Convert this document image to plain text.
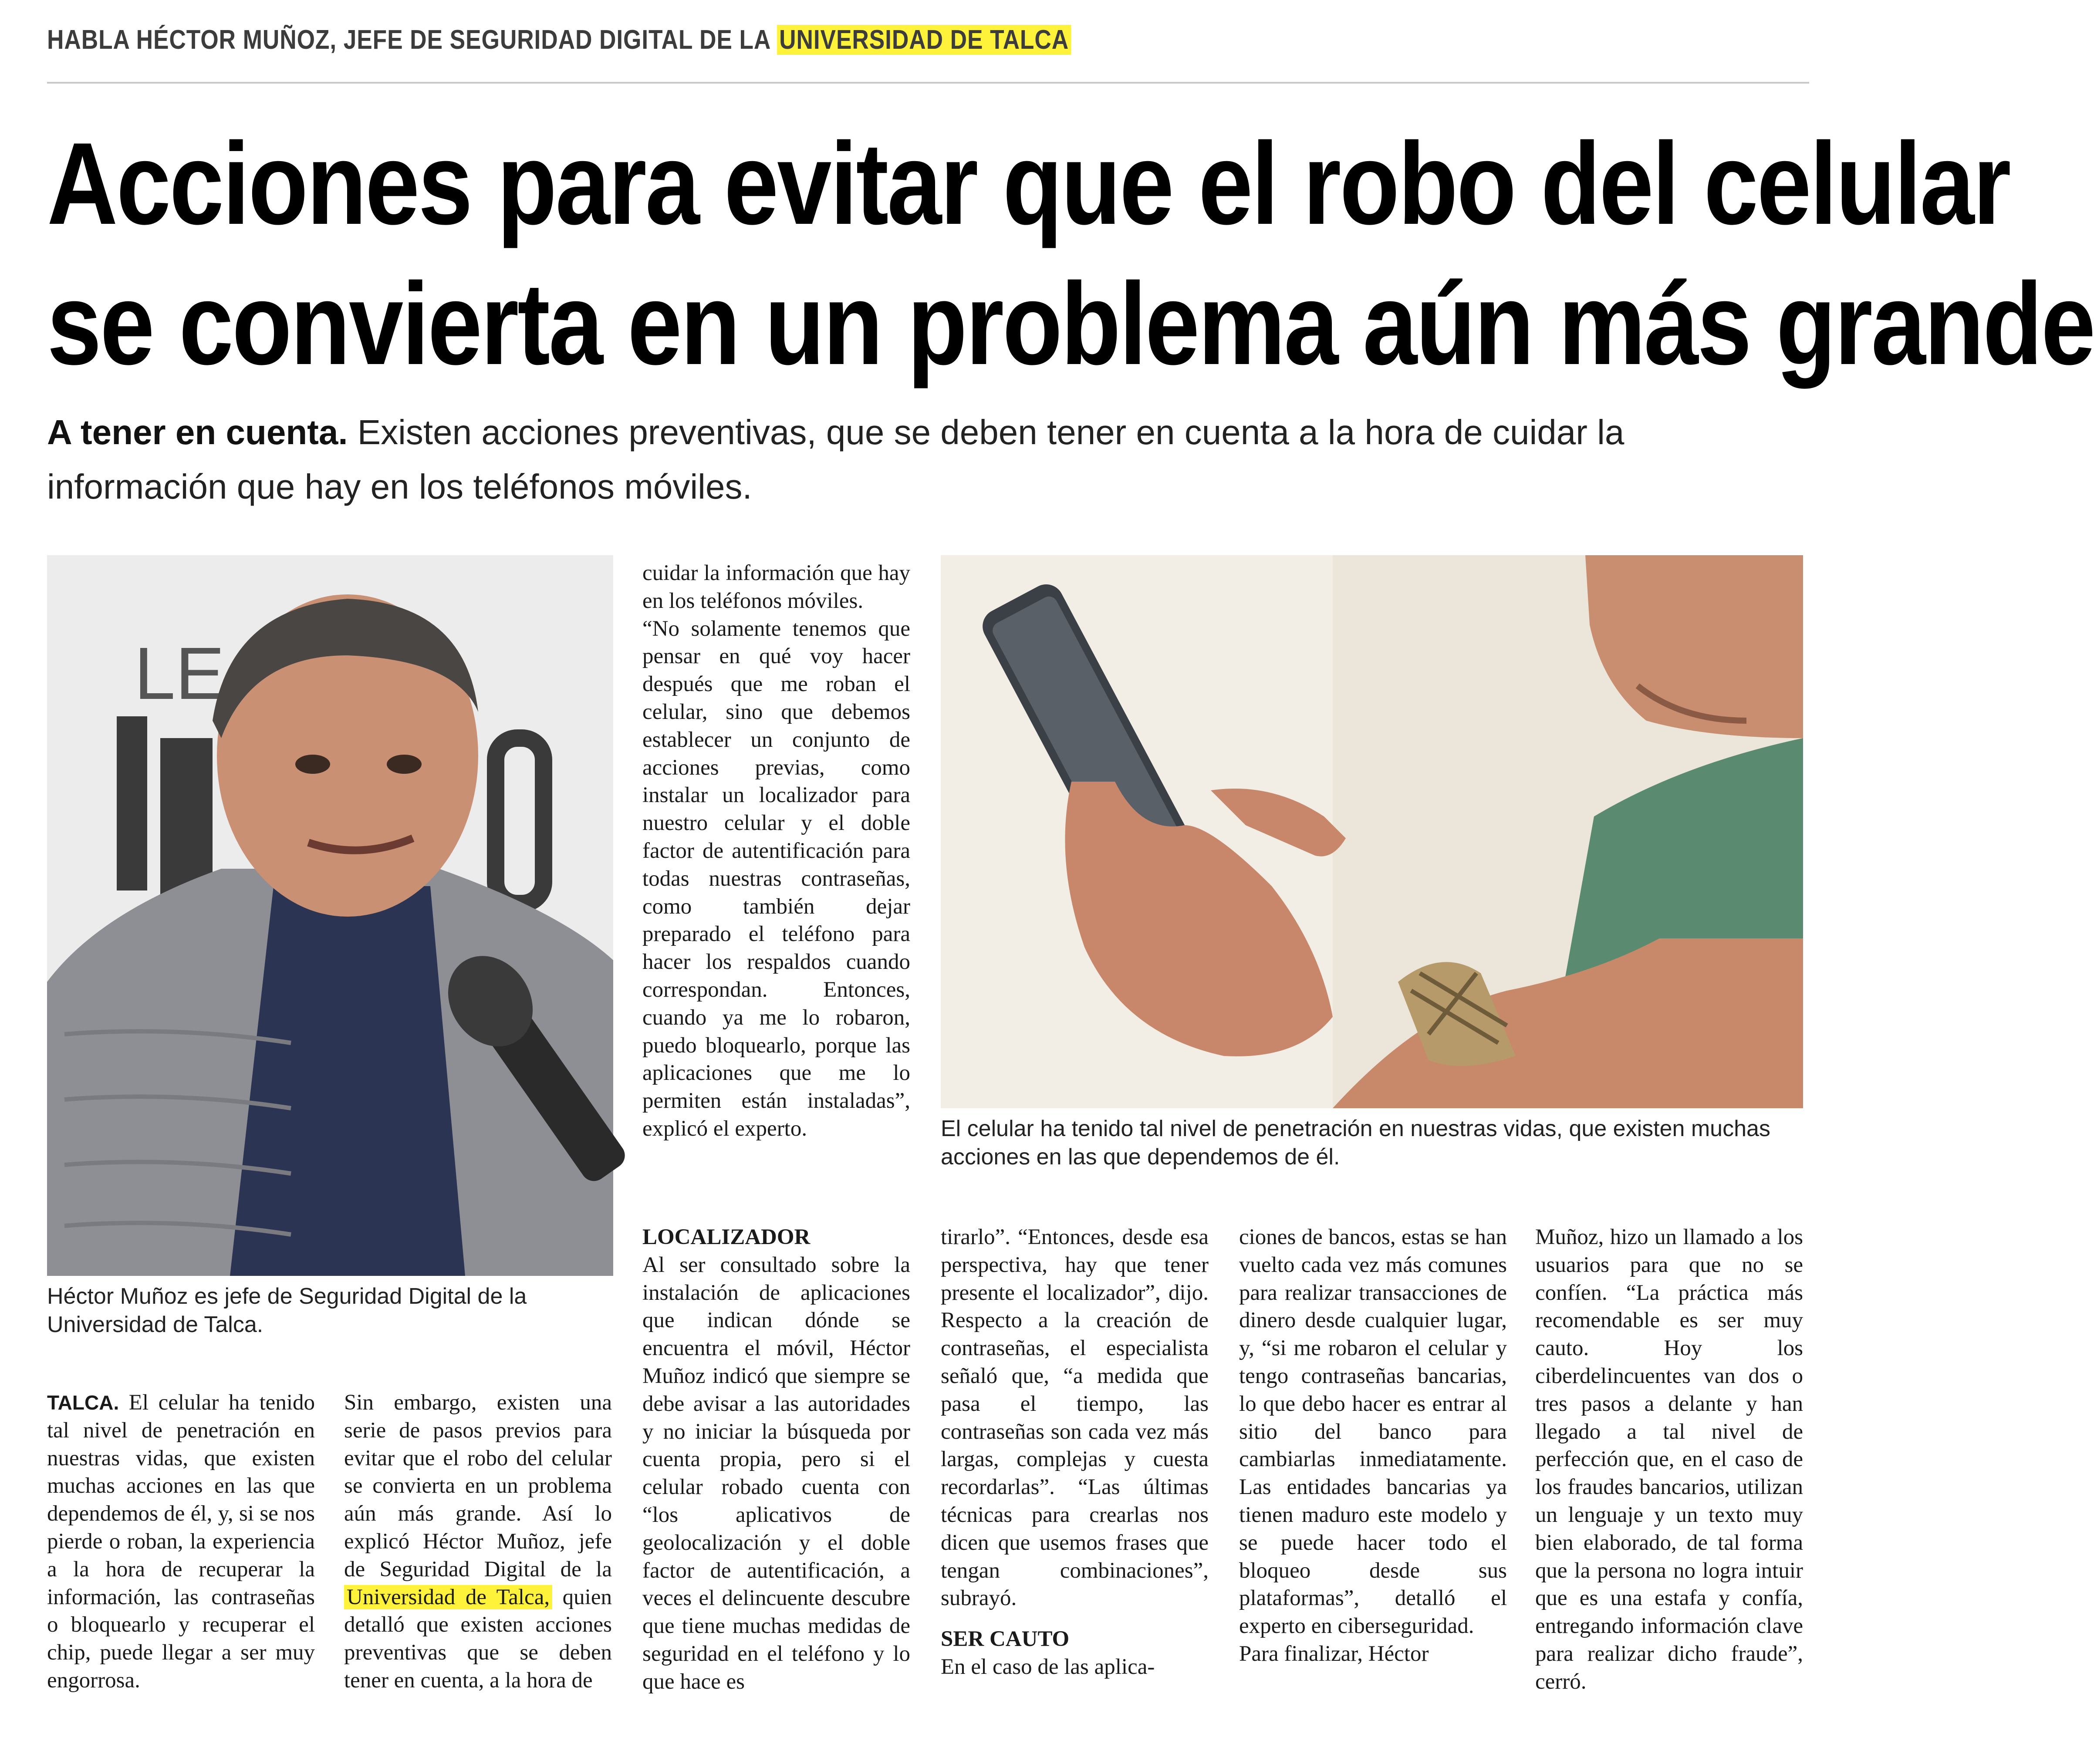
HABLA HÉCTOR MUÑOZ, JEFE DE SEGURIDAD DIGITAL DE LA UNIVERSIDAD DE TALCA
Acciones para evitar que el robo del celular
se convierta en un problema aún más grande
A tener en cuenta. Existen acciones preventivas, que se deben tener en cuenta a la hora de cuidar la información que hay en los teléfonos móviles.
LE
Héctor Muñoz es jefe de Seguridad Digital de la Universidad de Talca.
El celular ha tenido tal nivel de penetración en nuestras vidas, que existen muchas acciones en las que dependemos de él.

TALCA. El celular ha tenido tal nivel de penetración en nuestras vidas, que existen muchas acciones en las que dependemos de él, y, si se nos pierde o roban, la experiencia a la hora de recuperar la información, las contraseñas o bloquearlo y recuperar el chip, puede llegar a ser muy engorrosa.

Sin embargo, existen una serie de pasos previos para evitar que el robo del celular se convierta en un problema aún más grande. Así lo explicó Héctor Muñoz, jefe de Seguridad Digital de la Universidad de Talca, quien detalló que existen acciones preventivas que se deben tener en cuenta, a la hora de

cuidar la información que hay en los teléfonos móviles.

“No solamente tenemos que pensar en qué voy hacer después que me roban el celular, sino que debemos establecer un conjunto de acciones previas, como instalar un localizador para nuestro celular y el doble factor de autentificación para todas nuestras contraseñas, como también dejar preparado el teléfono para hacer los respaldos cuando correspondan. Entonces, cuando ya me lo robaron, puedo bloquearlo, porque las aplicaciones que me lo permiten están instaladas”, explicó el experto.

LOCALIZADOR

Al ser consultado sobre la instalación de aplicaciones que indican dónde se encuentra el móvil, Héctor Muñoz indicó que siempre se debe avisar a las autoridades y no iniciar la búsqueda por cuenta propia, pero si el celular robado cuenta con “los aplicativos de geolocalización y el doble factor de autentificación, a veces el delincuente descubre que tiene muchas medidas de seguridad en el teléfono y lo que hace es

tirarlo”. “Entonces, desde esa perspectiva, hay que tener presente el localizador”, dijo. Respecto a la creación de contraseñas, el especialista señaló que, “a medida que pasa el tiempo, las contraseñas son cada vez más largas, complejas y cuesta recordarlas”. “Las últimas técnicas para crearlas nos dicen que usemos frases que tengan combinaciones”, subrayó.

SER CAUTO

En el caso de las aplica-

ciones de bancos, estas se han vuelto cada vez más comunes para realizar transacciones de dinero desde cualquier lugar, y, “si me robaron el celular y tengo contraseñas bancarias, lo que debo hacer es entrar al sitio del banco para cambiarlas inmediatamente. Las entidades bancarias ya tienen maduro este modelo y se puede hacer todo el bloqueo desde sus plataformas”, detalló el experto en ciberseguridad.

Para finalizar, Héctor

Muñoz, hizo un llamado a los usuarios para que no se confíen. “La práctica más recomendable es ser muy cauto. Hoy los ciberdelincuentes van dos o tres pasos a delante y han llegado a tal nivel de perfección que, en el caso de los fraudes bancarios, utilizan un lenguaje y un texto muy bien elaborado, de tal forma que la persona no logra intuir que es una estafa y confía, entregando información clave para realizar dicho fraude”, cerró.
